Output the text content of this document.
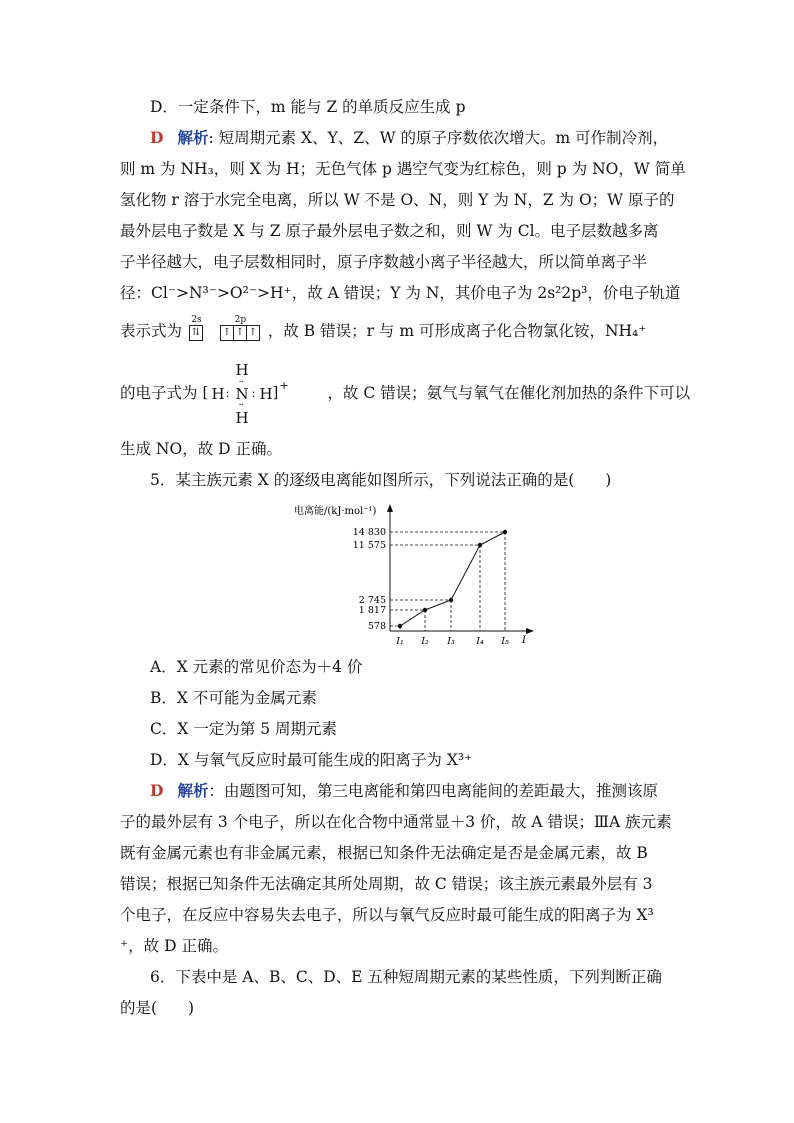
D．一定条件下，m 能与 Z 的单质反应生成 p
D 解析: 短周期元素 X、Y、Z、W 的原子序数依次增大。m 可作制冷剂，
则 m 为 NH₃，则 X 为 H；无色气体 p 遇空气变为红棕色，则 p 为 NO，W 简单
氢化物 r 溶于水完全电离，所以 W 不是 O、N，则 Y 为 N，Z 为 O；W 原子的
最外层电子数是 X 与 Z 原子最外层电子数之和，则 W 为 Cl。电子层数越多离
子半径越大，电子层数相同时，原子序数越小离子半径越大，所以简单离子半
径：Cl⁻>N³⁻>O²⁻>H⁺，故 A 错误；Y 为 N，其价电子为 2s²2p³，价电子轨道
表示式为
2s
⇅
2p
↑ ↑ ↑ ，故 B 错误；r 与 m 可形成离子化合物氯化铵，NH₄⁺
的电子式为 [ H :
H
··
N
··
H
: H ] + ，故 C 错误；氨气与氧气在催化剂加热的条件下可以
生成 NO，故 D 正确。
5．某主族元素 X 的逐级电离能如图所示，下列说法正确的是(　　)
电离能/(kJ·mol⁻¹)
I
578
1 817
2 745
11 575
14 830
I₁ I₂ I₃ I₄ I₅
A．X 元素的常见价态为＋4 价
B．X 不可能为金属元素
C．X 一定为第 5 周期元素
D．X 与氧气反应时最可能生成的阳离子为 X³⁺
D 解析：由题图可知，第三电离能和第四电离能间的差距最大，推测该原
子的最外层有 3 个电子，所以在化合物中通常显＋3 价，故 A 错误；ⅢA 族元素
既有金属元素也有非金属元素，根据已知条件无法确定是否是金属元素，故 B
错误；根据已知条件无法确定其所处周期，故 C 错误；该主族元素最外层有 3
个电子，在反应中容易失去电子，所以与氧气反应时最可能生成的阳离子为 X³
⁺，故 D 正确。
6．下表中是 A、B、C、D、E 五种短周期元素的某些性质，下列判断正确
的是(　　)
